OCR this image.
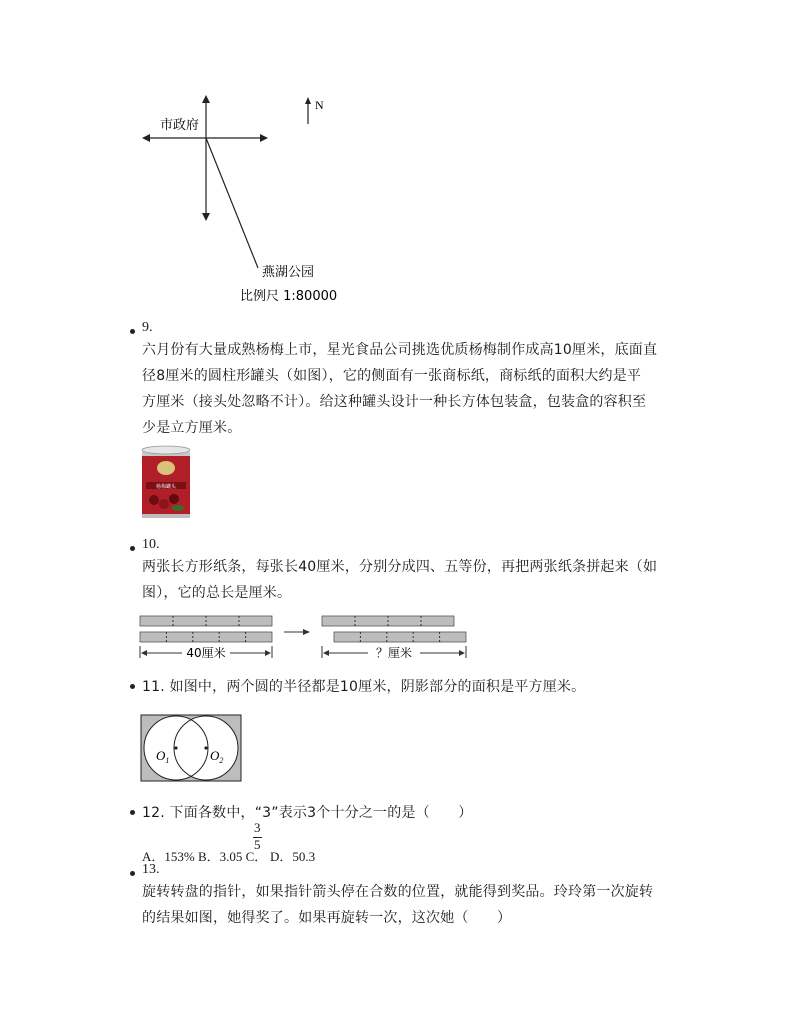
N
市政府
燕湖公园
比例尺 1:80000
9.
六月份有大量成熟杨梅上市，星光食品公司挑选优质杨梅制作成高10厘米，底面直
径8厘米的圆柱形罐头（如图），它的侧面有一张商标纸，商标纸的面积大约是平
方厘米（接头处忽略不计）。给这种罐头设计一种长方体包装盒，包装盒的容积至
少是立方厘米。
杨梅罐头
10.
两张长方形纸条，每张长40厘米，分别分成四、五等份，再把两张纸条拼起来（如
图），它的总长是厘米。
40厘米	？厘米
11. 如图中，两个圆的半径都是10厘米，阴影部分的面积是平方厘米。
$O_1$	$O_2$
12. 下面各数中，“3”表示3个十分之一的是（　　）
A．153% B．3.05 C．
3
5
D．50.3
13.
旋转转盘的指针，如果指针箭头停在合数的位置，就能得到奖品。玲玲第一次旋转
的结果如图，她得奖了。如果再旋转一次，这次她（　　）
